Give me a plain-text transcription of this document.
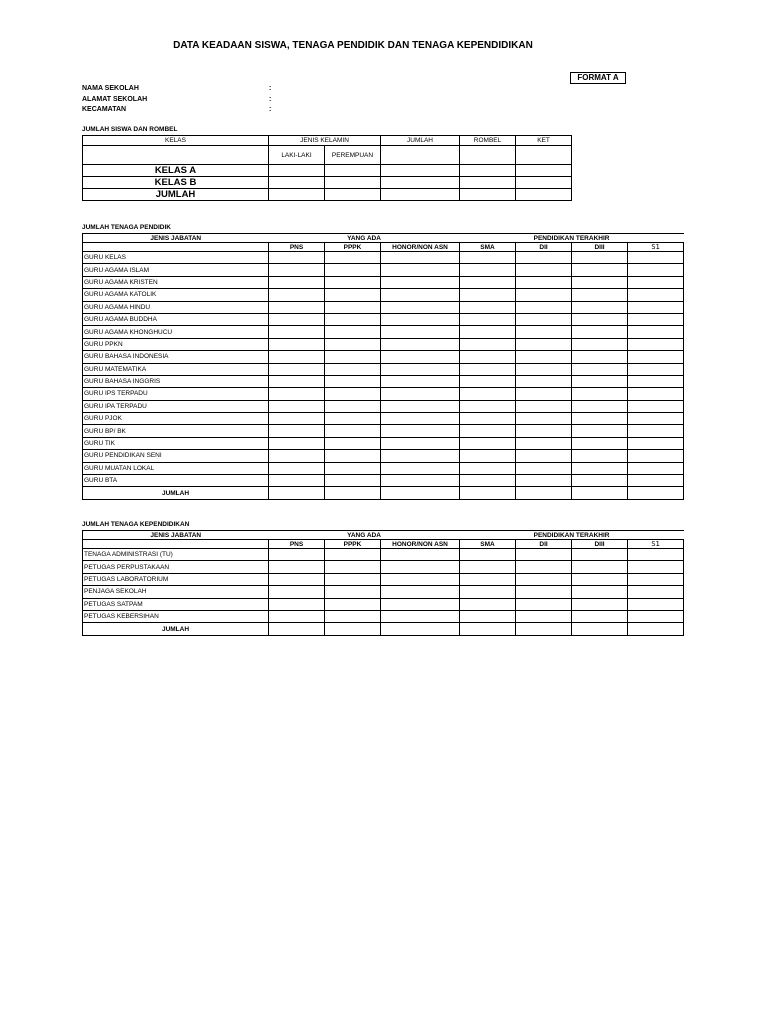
DATA KEADAAN SISWA, TENAGA PENDIDIK DAN TENAGA KEPENDIDIKAN
FORMAT A
NAMA SEKOLAH	:
ALAMAT SEKOLAH	:
KECAMATAN	:
JUMLAH SISWA DAN ROMBEL
KELAS	JENIS KELAMIN		JUMLAH	ROMBEL	KET
	LAKI-LAKI	PEREMPUAN			
KELAS A					
KELAS B					
JUMLAH					
JUMLAH TENAGA PENDIDIK
JENIS JABATAN	YANG ADA			PENDIDIKAN TERAKHIR			
	PNS	PPPK	HONOR/NON ASN	SMA	DII	DIII	S1
GURU KELAS							
GURU AGAMA ISLAM							
GURU AGAMA KRISTEN							
GURU AGAMA KATOLIK							
GURU AGAMA HINDU							
GURU AGAMA BUDDHA							
GURU AGAMA KHONGHUCU							
GURU PPKN							
GURU BAHASA INDONESIA							
GURU MATEMATIKA							
GURU BAHASA INGGRIS							
GURU IPS TERPADU							
GURU IPA TERPADU							
GURU PJOK							
GURU BP/ BK							
GURU TIK							
GURU PENDIDIKAN SENI							
GURU MUATAN LOKAL							
GURU BTA							
JUMLAH							
JUMLAH TENAGA KEPENDIDIKAN
JENIS JABATAN	YANG ADA			PENDIDIKAN TERAKHIR			
	PNS	PPPK	HONOR/NON ASN	SMA	DII	DIII	S1
TENAGA ADMINISTRASI (TU)							
PETUGAS PERPUSTAKAAN							
PETUGAS LABORATORIUM							
PENJAGA SEKOLAH							
PETUGAS SATPAM							
PETUGAS KEBERSIHAN							
JUMLAH							
